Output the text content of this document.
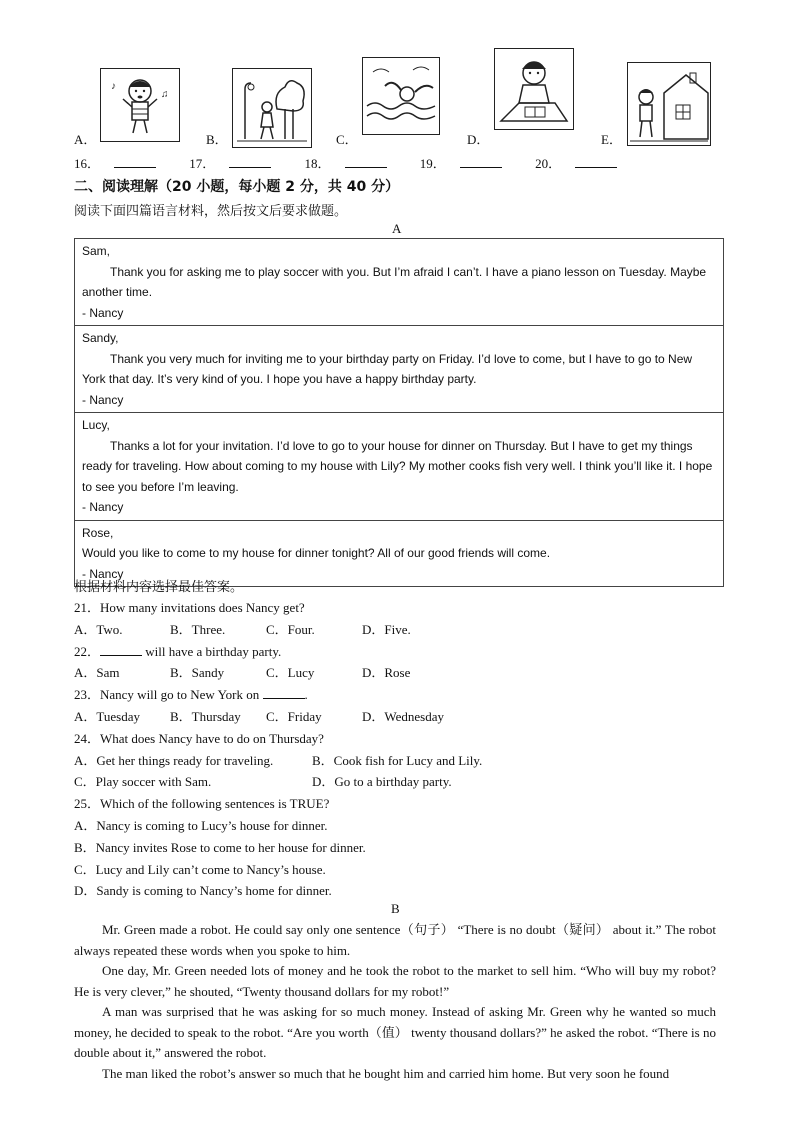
A．
♪
♫
B．	C．	D．	E．
16．	17．	18．	19．	20．
二、阅读理解（20 小题，每小题 2 分，共 40 分）
阅读下面四篇语言材料，然后按文后要求做题。
A
Sam,
Thank you for asking me to play soccer with you. But I’m afraid I can’t. I have a piano lesson on Tuesday. Maybe another time.
- Nancy
Sandy,
Thank you very much for inviting me to your birthday party on Friday. I’d love to come, but I have to go to New York that day. It’s very kind of you. I hope you have a happy birthday party.
- Nancy
Lucy,
Thanks a lot for your invitation. I’d love to go to your house for dinner on Thursday. But I have to get my things ready for traveling. How about coming to my house with Lily? My mother cooks fish very well. I think you’ll like it. I hope to see you before I’m leaving.
- Nancy
Rose,
Would you like to come to my house for dinner tonight? All of our good friends will come.
- Nancy
根据材料内容选择最佳答案。
21．How many invitations does Nancy get?
A．Two.	B．Three.	C．Four.	D．Five.
22．	will have a birthday party.
A．Sam	B．Sandy	C．Lucy	D．Rose
23．Nancy will go to New York on	.
A．Tuesday	B．Thursday	C．Friday	D．Wednesday
24．What does Nancy have to do on Thursday?
A．Get her things ready for traveling.	B．Cook fish for Lucy and Lily.
C．Play soccer with Sam.	D．Go to a birthday party.
25．Which of the following sentences is TRUE?
A．Nancy is coming to Lucy’s house for dinner.
B．Nancy invites Rose to come to her house for dinner.
C．Lucy and Lily can’t come to Nancy’s house.
D．Sandy is coming to Nancy’s home for dinner.
B

Mr. Green made a robot. He could say only one sentence（句子） “There is no doubt（疑问） about it.” The robot always repeated these words when you spoke to him.

One day, Mr. Green needed lots of money and he took the robot to the market to sell him. “Who will buy my robot? He is very clever,” he shouted, “Twenty thousand dollars for my robot!”

A man was surprised that he was asking for so much money. Instead of asking Mr. Green why he wanted so much money, he decided to speak to the robot. “Are you worth（值） twenty thousand dollars?” he asked the robot. “There is no double about it,” answered the robot.

The man liked the robot’s answer so much that he bought him and carried him home. But very soon he found
